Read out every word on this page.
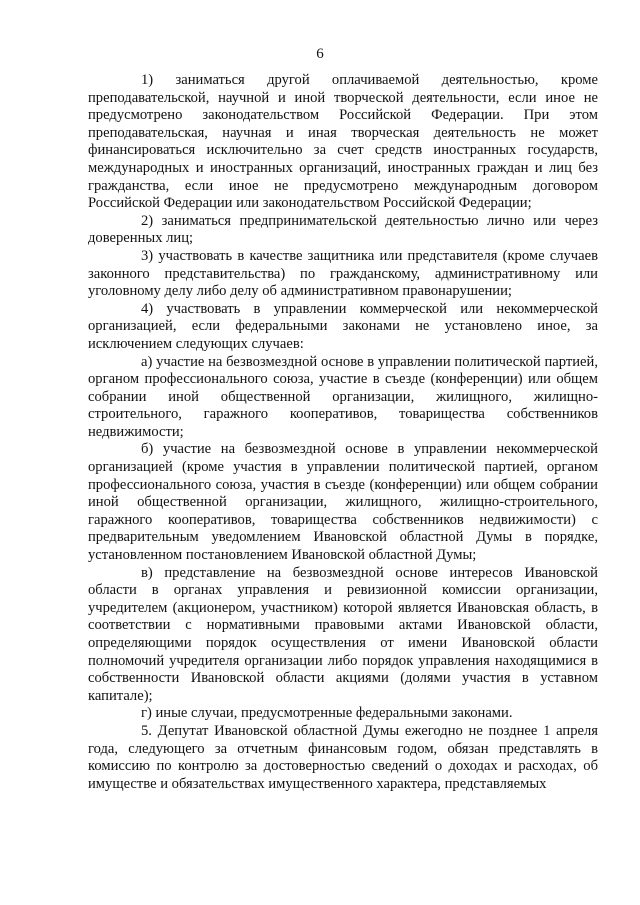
6

1) заниматься другой оплачиваемой деятельностью, кроме преподавательской, научной и иной творческой деятельности, если иное не предусмотрено законодательством Российской Федерации. При этом преподавательская, научная и иная творческая деятельность не может финансироваться исключительно за счет средств иностранных государств, международных и иностранных организаций, иностранных граждан и лиц без гражданства, если иное не предусмотрено международным договором Российской Федерации или законодательством Российской Федерации;

2) заниматься предпринимательской деятельностью лично или через доверенных лиц;

3) участвовать в качестве защитника или представителя (кроме случаев законного представительства) по гражданскому, административному или уголовному делу либо делу об административном правонарушении;

4) участвовать в управлении коммерческой или некоммерческой организацией, если федеральными законами не установлено иное, за исключением следующих случаев:

а) участие на безвозмездной основе в управлении политической партией, органом профессионального союза, участие в съезде (конференции) или общем собрании иной общественной организации, жилищного, жилищно-строительного, гаражного кооперативов, товарищества собственников недвижимости;

б) участие на безвозмездной основе в управлении некоммерческой организацией (кроме участия в управлении политической партией, органом профессионального союза, участия в съезде (конференции) или общем собрании иной общественной организации, жилищного, жилищно-строительного, гаражного кооперативов, товарищества собственников недвижимости) с предварительным уведомлением Ивановской областной Думы в порядке, установленном постановлением Ивановской областной Думы;

в) представление на безвозмездной основе интересов Ивановской области в органах управления и ревизионной комиссии организации, учредителем (акционером, участником) которой является Ивановская область, в соответствии с нормативными правовыми актами Ивановской области, определяющими порядок осуществления от имени Ивановской области полномочий учредителя организации либо порядок управления находящимися в собственности Ивановской области акциями (долями участия в уставном капитале);

г) иные случаи, предусмотренные федеральными законами.

5. Депутат Ивановской областной Думы ежегодно не позднее 1 апреля года, следующего за отчетным финансовым годом, обязан представлять в комиссию по контролю за достоверностью сведений о доходах и расходах, об имуществе и обязательствах имущественного характера, представляемых
